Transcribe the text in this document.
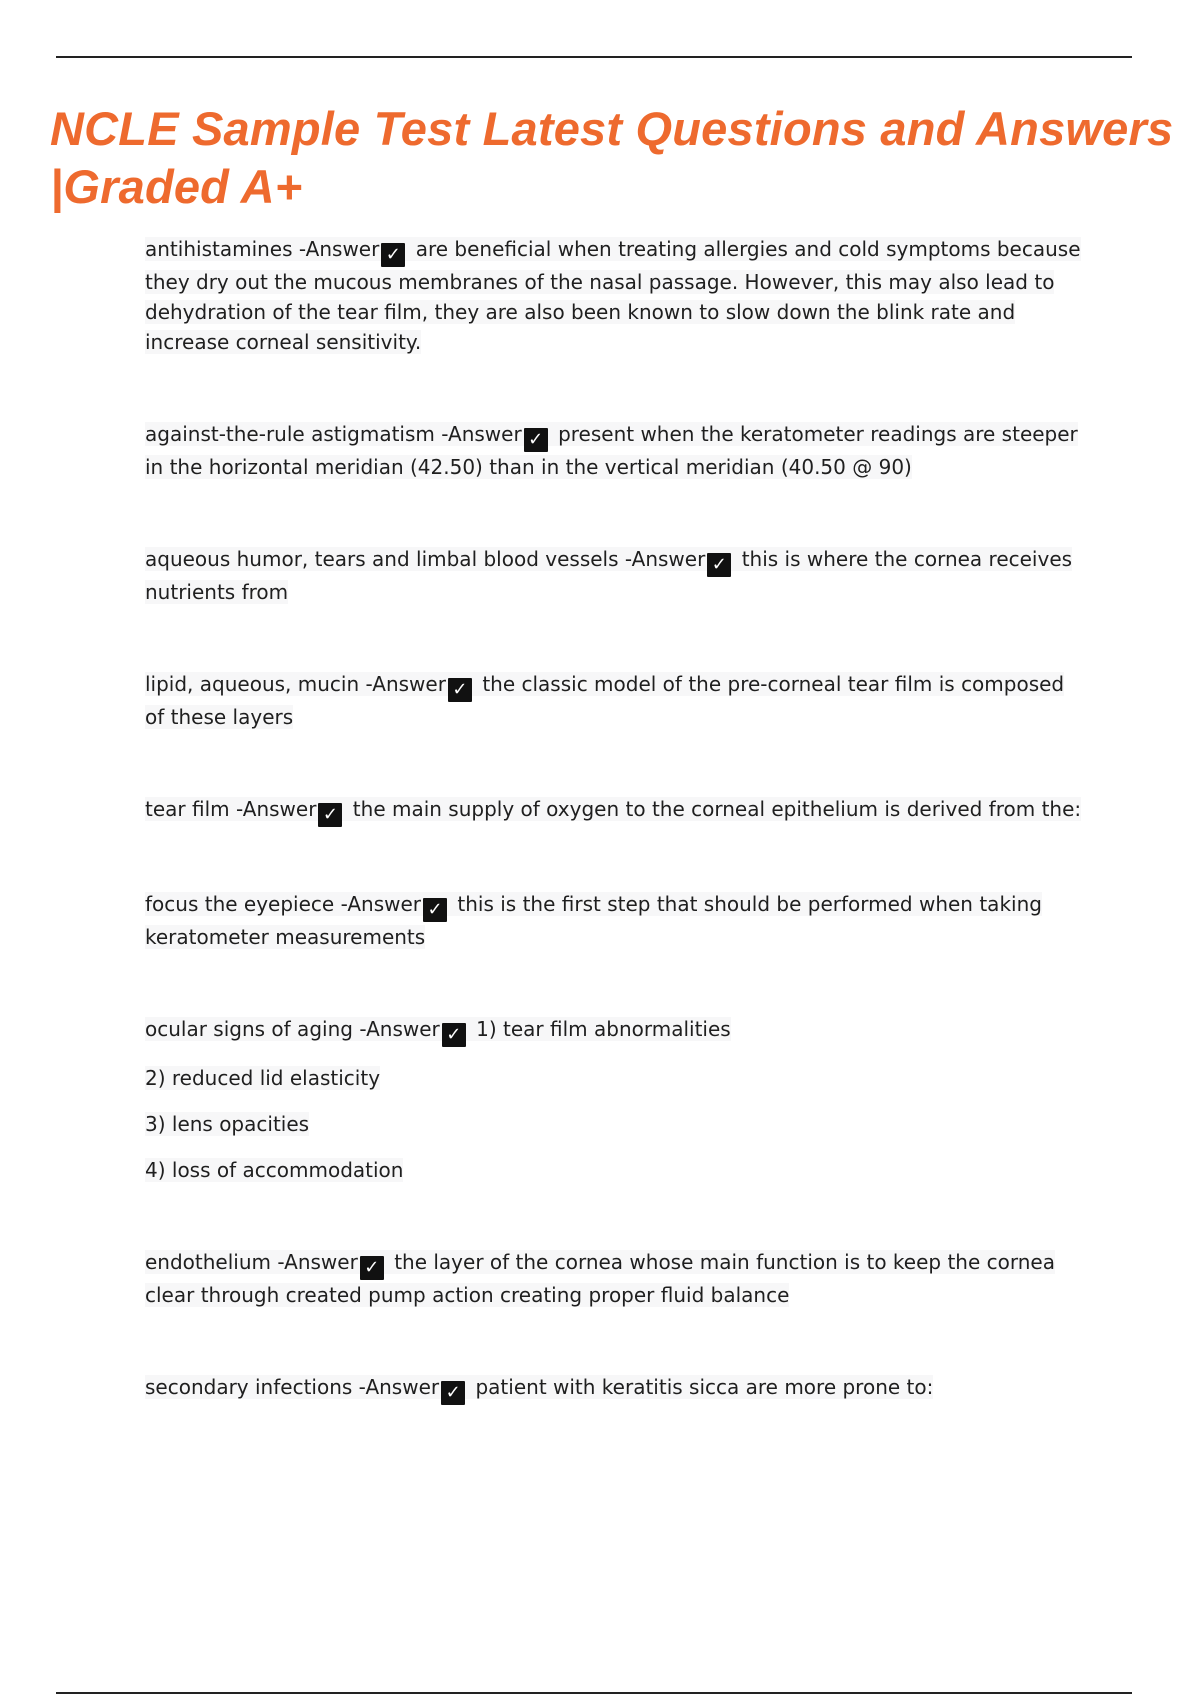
NCLE Sample Test Latest Questions and Answers |Graded A+

antihistamines -Answer ✓ are beneficial when treating allergies and cold symptoms because they dry out the mucous membranes of the nasal passage. However, this may also lead to dehydration of the tear film, they are also been known to slow down the blink rate and increase corneal sensitivity.

against-the-rule astigmatism -Answer ✓ present when the keratometer readings are steeper in the horizontal meridian (42.50) than in the vertical meridian (40.50 @ 90)

aqueous humor, tears and limbal blood vessels -Answer ✓ this is where the cornea receives nutrients from

lipid, aqueous, mucin -Answer ✓ the classic model of the pre-corneal tear film is composed of these layers

tear film -Answer ✓ the main supply of oxygen to the corneal epithelium is derived from the:

focus the eyepiece -Answer ✓ this is the first step that should be performed when taking keratometer measurements

ocular signs of aging -Answer ✓ 1) tear film abnormalities

2) reduced lid elasticity

3) lens opacities

4) loss of accommodation

endothelium -Answer ✓ the layer of the cornea whose main function is to keep the cornea clear through created pump action creating proper fluid balance

secondary infections -Answer ✓ patient with keratitis sicca are more prone to:
